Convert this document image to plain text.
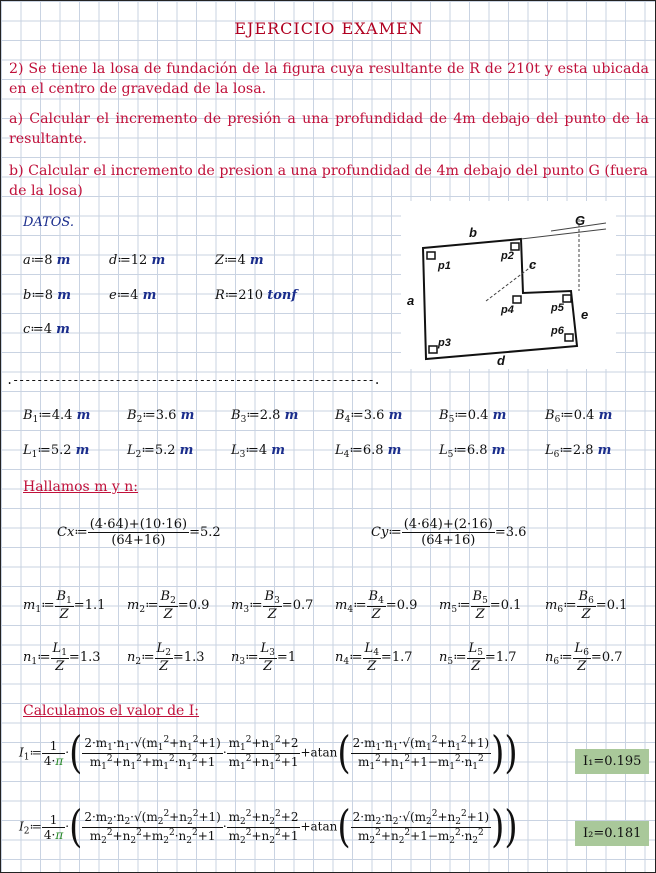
EJERCICIO EXAMEN
2) Se tiene la losa de fundación de la figura cuya resultante de R de 210t y esta ubicada en el centro de gravedad de la losa.
a) Calcular el incremento de presión a una profundidad de 4m debajo del punto de la resultante.
b) Calcular el incremento de presion a una profundidad de 4m debajo del punto G (fuera de la losa)
DATOS.
a≔8 m	d≔12 m	Z≔4 m
b≔8 m	e≔4 m	R≔210 tonf
c≔4 m
b
G
c
p1
p2
p3
p4	p5
p6
a
e
d
.------------------------------------------------------------.
$B_1≔4.4$ m	$B_2≔3.6$ m	$B_3≔2.8$ m	$B_4≔3.6$ m	$B_5≔0.4$ m	$B_6≔0.4$ m
$L_1≔5.2$ m	$L_2≔5.2$ m	$L_3≔4$ m	$L_4≔6.8$ m	$L_5≔6.8$ m	$L_6≔2.8$ m
Hallamos m y n:
Cx≔ $\frac{(4\cdot 64)+(10\cdot 16)}{(64+16)} =5.2$	Cy≔ $\frac{(4\cdot 64)+(2\cdot 16)}{(64+16)} =3.6$
$m_1≔ \frac{B_1}{Z} =1.1$ $m_2≔ \frac{B_2}{Z} =0.9$ $m_3≔ \frac{B_3}{Z} =0.7$ $m_4≔ \frac{B_4}{Z} =0.9$ $m_5≔ \frac{B_5}{Z} =0.1$ $m_6≔ \frac{B_6}{Z} =0.1$
$n_1≔ \frac{L_1}{Z} =1.3$ $n_2≔ \frac{L_2}{Z} =1.3$ $n_3≔ \frac{L_3}{Z} =1$	$n_4≔ \frac{L_4}{Z} =1.7$ $n_5≔ \frac{L_5}{Z} =1.7$ $n_6≔ \frac{L_6}{Z} =0.7$
Calculamos el valor de I:
$I_1≔ \frac{1}{4\cdot\pi}$ ·( $\frac{2\cdot m_1\cdot n_1\cdot√(m_1^2+n_1^2+1)}{m_1^2+n_1^2+m_1^2\cdot n_1^2+1} \cdot \frac{m_1^2+n_1^2+2}{m_1^2+n_1^2+1} +atan( \frac{2\cdot m_1\cdot n_1\cdot√(m_1^2+n_1^2+1)}{m_1^2+n_1^2+1-m_1^2\cdot n_1^2}$ ))	I₁=0.195
$I_2≔ \frac{1}{4\cdot\pi}$ ·( $\frac{2\cdot m_2\cdot n_2\cdot√(m_2^2+n_2^2+1)}{m_2^2+n_2^2+m_2^2\cdot n_2^2+1} \cdot \frac{m_2^2+n_2^2+2}{m_2^2+n_2^2+1} +atan( \frac{2\cdot m_2\cdot n_2\cdot√(m_2^2+n_2^2+1)}{m_2^2+n_2^2+1-m_2^2\cdot n_2^2}$ ))	I₂=0.181
